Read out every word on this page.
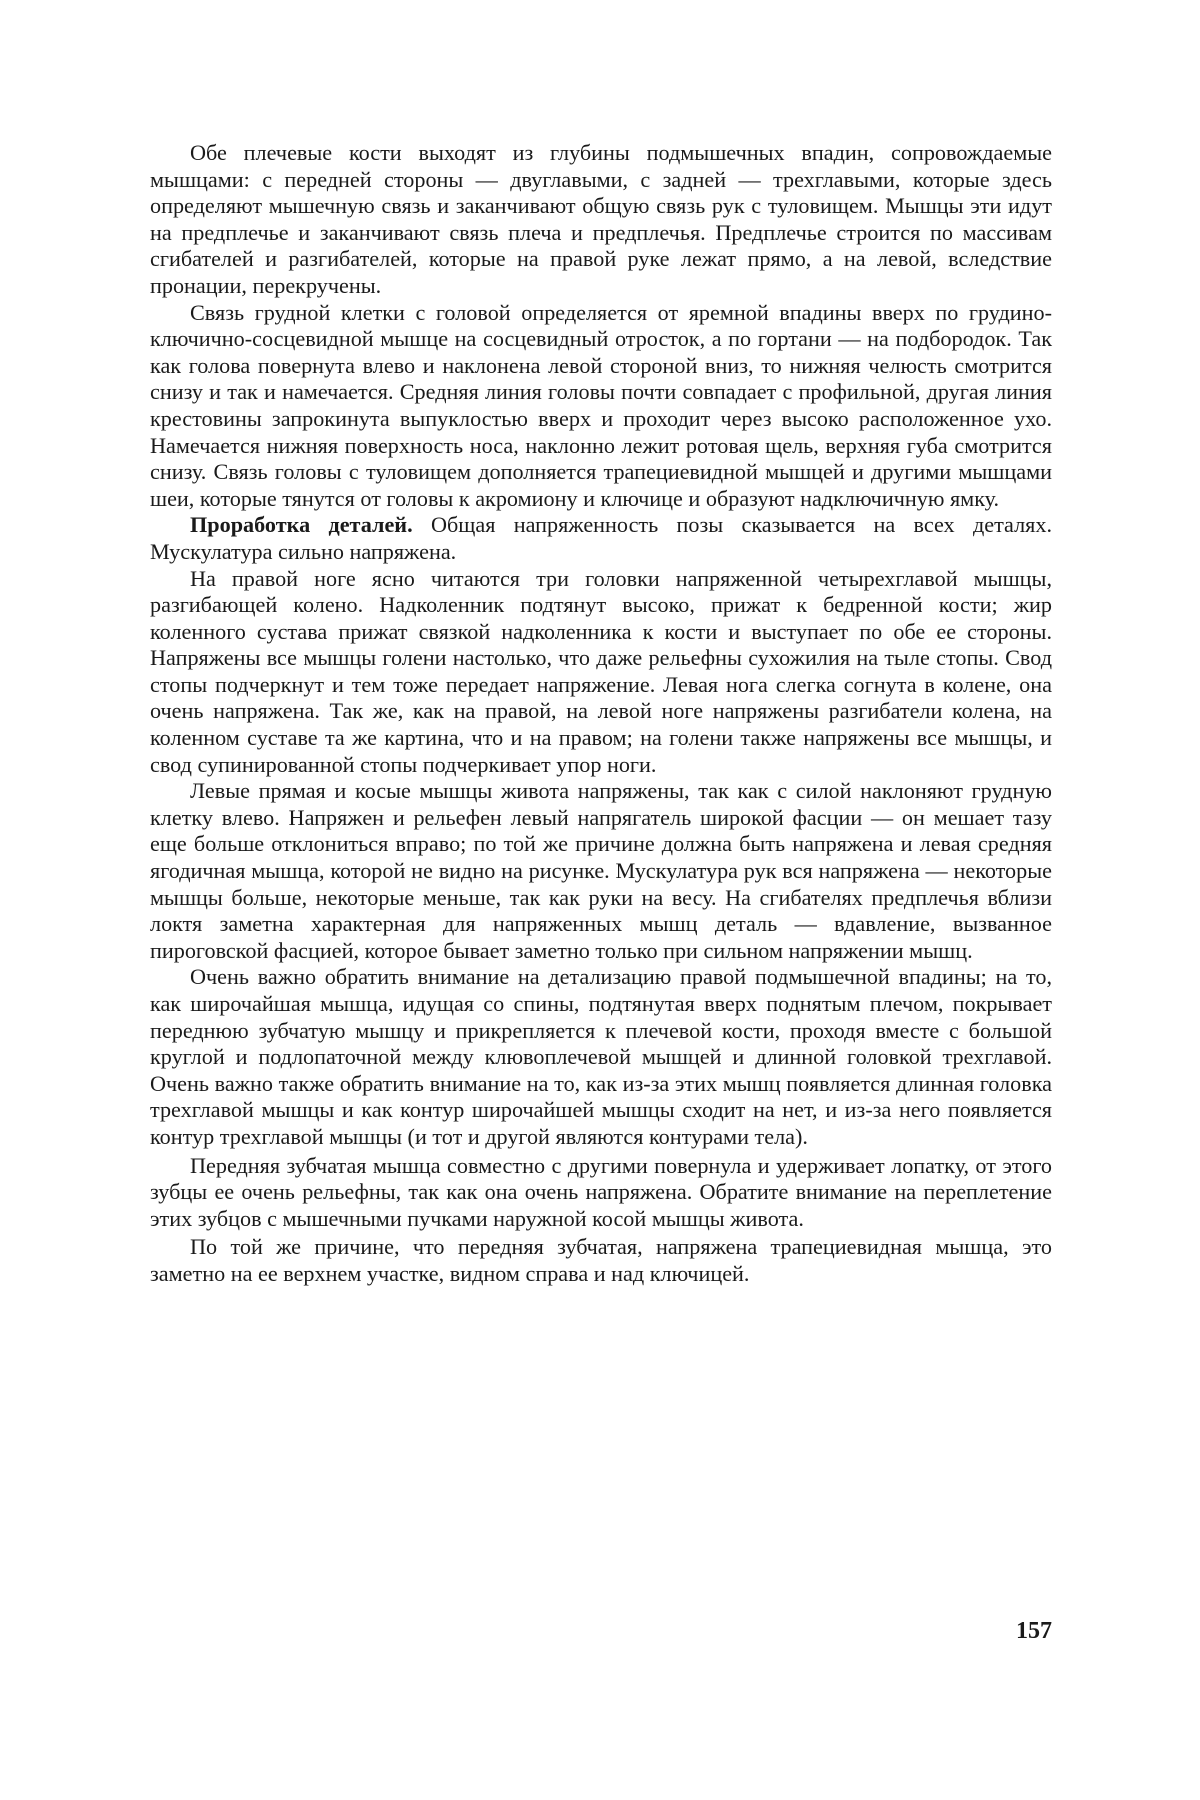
Обе плечевые кости выходят из глубины подмышечных впадин, сопровождаемые мышцами: с передней стороны — двуглавыми, с задней — трехглавыми, которые здесь определяют мышечную связь и заканчивают общую связь рук с туловищем. Мышцы эти идут на предплечье и заканчивают связь плеча и предплечья. Предплечье строится по массивам сгибателей и разгибателей, которые на правой руке лежат прямо, а на левой, вследствие пронации, перекручены.

Связь грудной клетки с головой определяется от яремной впадины вверх по грудино-ключично-сосцевидной мышце на сосцевидный отросток, а по гортани — на подбородок. Так как голова повернута влево и наклонена левой стороной вниз, то нижняя челюсть смотрится снизу и так и намечается. Средняя линия головы почти совпадает с профильной, другая линия крестовины запрокинута выпуклостью вверх и проходит через высоко расположенное ухо. Намечается нижняя поверхность носа, наклонно лежит ротовая щель, верхняя губа смотрится снизу. Связь головы с туловищем дополняется трапециевидной мышцей и другими мышцами шеи, которые тянутся от головы к акромиону и ключице и образуют надключичную ямку.

Проработка деталей. Общая напряженность позы сказывается на всех деталях. Мускулатура сильно напряжена.

На правой ноге ясно читаются три головки напряженной четырехглавой мышцы, разгибающей колено. Надколенник подтянут высоко, прижат к бедренной кости; жир коленного сустава прижат связкой надколенника к кости и выступает по обе ее стороны. Напряжены все мышцы голени настолько, что даже рельефны сухожилия на тыле стопы. Свод стопы подчеркнут и тем тоже передает напряжение. Левая нога слегка согнута в колене, она очень напряжена. Так же, как на правой, на левой ноге напряжены разгибатели колена, на коленном суставе та же картина, что и на правом; на голени также напряжены все мышцы, и свод супинированной стопы подчеркивает упор ноги.

Левые прямая и косые мышцы живота напряжены, так как с силой наклоняют грудную клетку влево. Напряжен и рельефен левый напрягатель широкой фасции — он мешает тазу еще больше отклониться вправо; по той же причине должна быть напряжена и левая средняя ягодичная мышца, которой не видно на рисунке. Мускулатура рук вся напряжена — некоторые мышцы больше, некоторые меньше, так как руки на весу. На сгибателях предплечья вблизи локтя заметна характерная для напряженных мышц деталь — вдавление, вызванное пироговской фасцией, которое бывает заметно только при сильном напряжении мышц.

Очень важно обратить внимание на детализацию правой подмышечной впадины; на то, как широчайшая мышца, идущая со спины, подтянутая вверх поднятым плечом, покрывает переднюю зубчатую мышцу и прикрепляется к плечевой кости, проходя вместе с большой круглой и подлопаточной между клювоплечевой мышцей и длинной головкой трехглавой. Очень важно также обратить внимание на то, как из-за этих мышц появляется длинная головка трехглавой мышцы и как контур широчайшей мышцы сходит на нет, и из-за него появляется контур трехглавой мышцы (и тот и другой являются контурами тела).

Передняя зубчатая мышца совместно с другими повернула и удерживает лопатку, от этого зубцы ее очень рельефны, так как она очень напряжена. Обратите внимание на переплетение этих зубцов с мышечными пучками наружной косой мышцы живота.

По той же причине, что передняя зубчатая, напряжена трапециевидная мышца, это заметно на ее верхнем участке, видном справа и над ключицей.

157
